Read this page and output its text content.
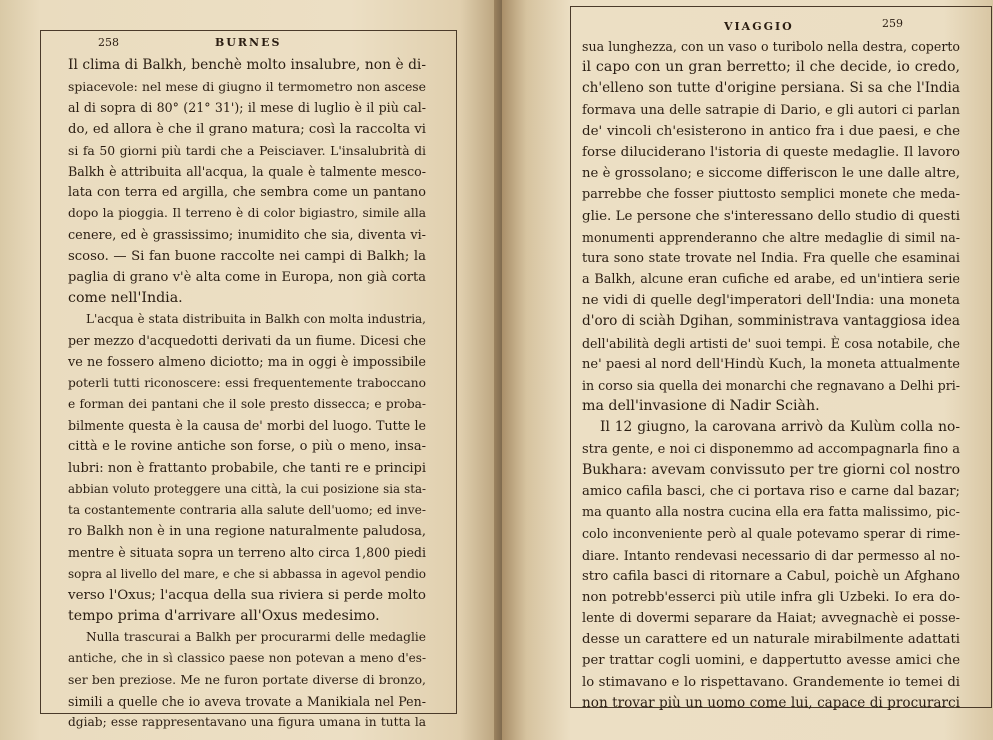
258	BURNES
Il clima di Balkh, benchè molto insalubre, non è di-
spiacevole: nel mese di giugno il termometro non ascese
al di sopra di 80° (21° 31'); il mese di luglio è il più cal-
do, ed allora è che il grano matura; così la raccolta vi
si fa 50 giorni più tardi che a Peisciaver. L'insalubrità di
Balkh è attribuita all'acqua, la quale è talmente mesco-
lata con terra ed argilla, che sembra come un pantano
dopo la pioggia. Il terreno è di color bigiastro, simile alla
cenere, ed è grassissimo; inumidito che sia, diventa vi-
scoso. — Si fan buone raccolte nei campi di Balkh; la
paglia di grano v'è alta come in Europa, non già corta
come nell'India.
L'acqua è stata distribuita in Balkh con molta industria,
per mezzo d'acquedotti derivati da un fiume. Dicesi che
ve ne fossero almeno diciotto; ma in oggi è impossibile
poterli tutti riconoscere: essi frequentemente traboccano
e forman dei pantani che il sole presto dissecca; e proba-
bilmente questa è la causa de' morbi del luogo. Tutte le
città e le rovine antiche son forse, o più o meno, insa-
lubri: non è frattanto probabile, che tanti re e principi
abbian voluto proteggere una città, la cui posizione sia sta-
ta costantemente contraria alla salute dell'uomo; ed inve-
ro Balkh non è in una regione naturalmente paludosa,
mentre è situata sopra un terreno alto circa 1,800 piedi
sopra al livello del mare, e che si abbassa in agevol pendio
verso l'Oxus; l'acqua della sua riviera si perde molto
tempo prima d'arrivare all'Oxus medesimo.
Nulla trascurai a Balkh per procurarmi delle medaglie
antiche, che in sì classico paese non potevan a meno d'es-
ser ben preziose. Me ne furon portate diverse di bronzo,
simili a quelle che io aveva trovate a Manikiala nel Pen-
dgiab; esse rappresentavano una figura umana in tutta la
VIAGGIO	259
sua lunghezza, con un vaso o turibolo nella destra, coperto
il capo con un gran berretto; il che decide, io credo,
ch'elleno son tutte d'origine persiana. Si sa che l'India
formava una delle satrapie di Dario, e gli autori ci parlan
de' vincoli ch'esisterono in antico fra i due paesi, e che
forse diluciderano l'istoria di queste medaglie. Il lavoro
ne è grossolano; e siccome differiscon le une dalle altre,
parrebbe che fosser piuttosto semplici monete che meda-
glie. Le persone che s'interessano dello studio di questi
monumenti apprenderanno che altre medaglie di simil na-
tura sono state trovate nel India. Fra quelle che esaminai
a Balkh, alcune eran cufiche ed arabe, ed un'intiera serie
ne vidi di quelle degl'imperatori dell'India: una moneta
d'oro di sciàh Dgihan, somministrava vantaggiosa idea
dell'abilità degli artisti de' suoi tempi. È cosa notabile, che
ne' paesi al nord dell'Hindù Kuch, la moneta attualmente
in corso sia quella dei monarchi che regnavano a Delhi pri-
ma dell'invasione di Nadir Sciàh.
Il 12 giugno, la carovana arrivò da Kulùm colla no-
stra gente, e noi ci disponemmo ad accompagnarla fino a
Bukhara: avevam convissuto per tre giorni col nostro
amico cafila basci, che ci portava riso e carne dal bazar;
ma quanto alla nostra cucina ella era fatta malissimo, pic-
colo inconveniente però al quale potevamo sperar di rime-
diare. Intanto rendevasi necessario di dar permesso al no-
stro cafila basci di ritornare a Cabul, poichè un Afghano
non potrebb'esserci più utile infra gli Uzbeki. Io era do-
lente di dovermi separare da Haiat; avvegnachè ei posse-
desse un carattere ed un naturale mirabilmente adattati
per trattar cogli uomini, e dappertutto avesse amici che
lo stimavano e lo rispettavano. Grandemente io temei di
non trovar più un uomo come lui, capace di procurarci
